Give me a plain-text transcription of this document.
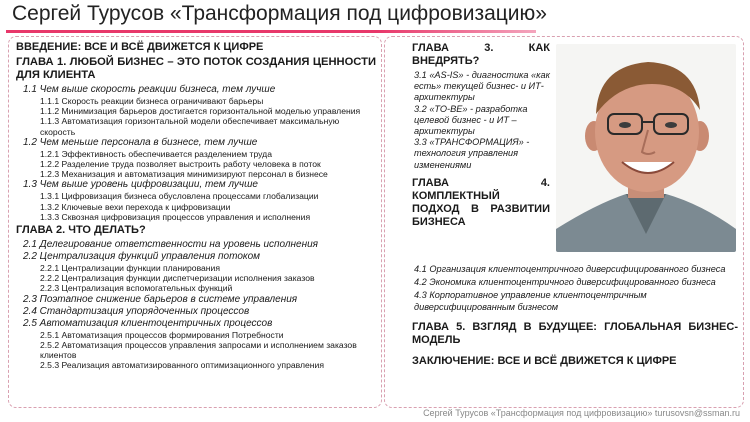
Сергей Турусов «Трансформация под цифровизацию»
ВВЕДЕНИЕ: ВСЕ И ВСЁ ДВИЖЕТСЯ К ЦИФРЕ
ГЛАВА 1. ЛЮБОЙ БИЗНЕС – ЭТО ПОТОК СОЗДАНИЯ ЦЕННОСТИ ДЛЯ КЛИЕНТА
1.1 Чем выше скорость реакции бизнеса, тем лучше
1.1.1 Скорость реакции бизнеса ограничивают барьеры
1.1.2 Минимизация барьеров достигается горизонтальной моделью управления
1.1.3 Автоматизация горизонтальной модели обеспечивает максимальную скорость
1.2 Чем меньше персонала в бизнесе, тем лучше
1.2.1 Эффективность обеспечивается разделением труда
1.2.2 Разделение труда позволяет выстроить работу человека в поток
1.2.3 Механизация и автоматизация минимизируют персонал в бизнесе
1.3 Чем выше уровень цифровизации, тем лучше
1.3.1 Цифровизация бизнеса обусловлена процессами глобализации
1.3.2 Ключевые вехи перехода к цифровизации
1.3.3 Сквозная цифровизация процессов управления и исполнения
ГЛАВА 2. ЧТО ДЕЛАТЬ?
2.1 Делегирование ответственности на уровень исполнения
2.2 Централизация функций управления потоком
2.2.1 Централизации функции планирования
2.2.2 Централизация функции диспетчеризации исполнения заказов
2.2.3 Централизация вспомогательных функций
2.3 Поэтапное снижение барьеров в системе управления
2.4 Стандартизация упорядоченных процессов
2.5 Автоматизация клиентоцентричных процессов
2.5.1 Автоматизация процессов формирования Потребности
2.5.2 Автоматизация процессов управления запросами и исполнением заказов клиентов
2.5.3 Реализация автоматизированного оптимизационного управления
ГЛАВА 3. КАК ВНЕДРЯТЬ?
3.1 «AS-IS» - диагностика «как есть» текущей бизнес- и ИТ-архитектуры
3.2 «TO-BE» - разработка целевой бизнес - и ИТ – архитектуры
3.3 «ТРАНСФОРМАЦИЯ» - технология управления изменениями
ГЛАВА 4. КОМПЛЕКТНЫЙ ПОДХОД В РАЗВИТИИ БИЗНЕСА
4.1 Организация клиентоцентричного диверсифицированного бизнеса
4.2 Экономика клиентоцентричного диверсифицированного бизнеса
4.3 Корпоративное управление клиентоцентричным диверсифицированным бизнесом
ГЛАВА 5. ВЗГЛЯД В БУДУЩЕЕ: ГЛОБАЛЬНАЯ БИЗНЕС-МОДЕЛЬ
ЗАКЛЮЧЕНИЕ: ВСЕ И ВСЁ ДВИЖЕТСЯ К ЦИФРЕ
Сергей Турусов «Трансформация под цифровизацию» turusovsn@ssman.ru
